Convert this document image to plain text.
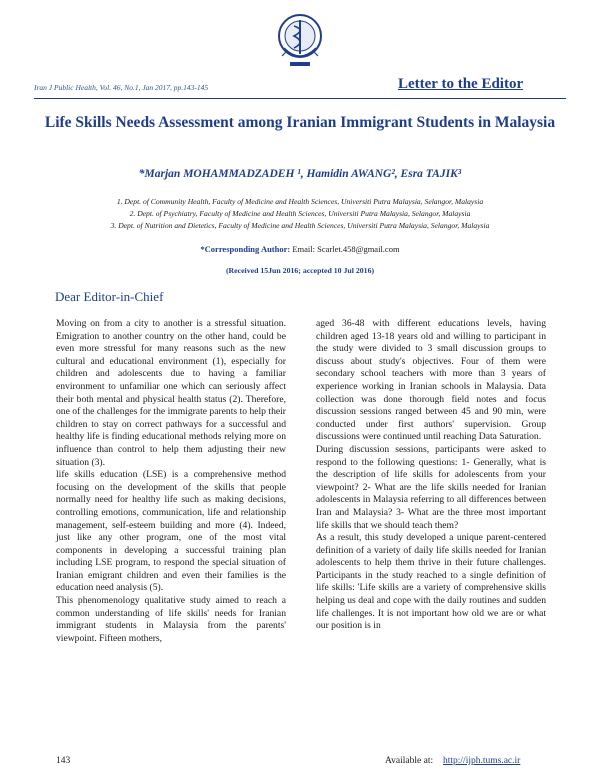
Iran J Public Health, Vol. 46, No.1, Jan 2017, pp.143-145	Letter to the Editor
Life Skills Needs Assessment among Iranian Immigrant Students in Malaysia
*Marjan MOHAMMADZADEH ¹, Hamidin AWANG², Esra TAJIK³
1. Dept. of Community Health, Faculty of Medicine and Health Sciences, Universiti Putra Malaysia, Selangor, Malaysia
2. Dept. of Psychiatry, Faculty of Medicine and Health Sciences, Universiti Putra Malaysia, Selangor, Malaysia
3. Dept. of Nutrition and Dietetics, Faculty of Medicine and Health Sciences, Universiti Putra Malaysia, Selangor, Malaysia
*Corresponding Author: Email: Scarlet.458@gmail.com
(Received 15Jun 2016; accepted 10 Jul 2016)
Dear Editor-in-Chief

Moving on from a city to another is a stressful situation. Emigration to another country on the other hand, could be even more stressful for many reasons such as the new cultural and educational environment (1), especially for children and adolescents due to having a familiar environment to unfamiliar one which can seriously affect their both mental and physical health status (2). Therefore, one of the challenges for the immigrate parents to help their children to stay on correct pathways for a successful and healthy life is finding educational methods relying more on influence than control to help them adjusting their new situation (3).

life skills education (LSE) is a comprehensive method focusing on the development of the skills that people normally need for healthy life such as making decisions, controlling emotions, communication, life and relationship management, self-esteem building and more (4). Indeed, just like any other program, one of the most vital components in developing a successful training plan including LSE program, to respond the special situation of Iranian emigrant children and even their families is the education need analysis (5).

This phenomenology qualitative study aimed to reach a common understanding of life skills' needs for Iranian immigrant students in Malaysia from the parents' viewpoint. Fifteen mothers,

aged 36-48 with different educations levels, having children aged 13-18 years old and willing to participant in the study were divided to 3 small discussion groups to discuss about study's objectives. Four of them were secondary school teachers with more than 3 years of experience working in Iranian schools in Malaysia. Data collection was done thorough field notes and focus discussion sessions ranged between 45 and 90 min, were conducted under first authors' supervision. Group discussions were continued until reaching Data Saturation.

During discussion sessions, participants were asked to respond to the following questions: 1- Generally, what is the description of life skills for adolescents from your viewpoint? 2- What are the life skills needed for Iranian adolescents in Malaysia referring to all differences between Iran and Malaysia? 3- What are the three most important life skills that we should teach them?

As a result, this study developed a unique parent-centered definition of a variety of daily life skills needed for Iranian adolescents to help them thrive in their future challenges. Participants in the study reached to a single definition of life skills: 'Life skills are a variety of comprehensive skills helping us deal and cope with the daily routines and sudden life challenges. It is not important how old we are or what our position is in

143	Available at: http://ijph.tums.ac.ir
